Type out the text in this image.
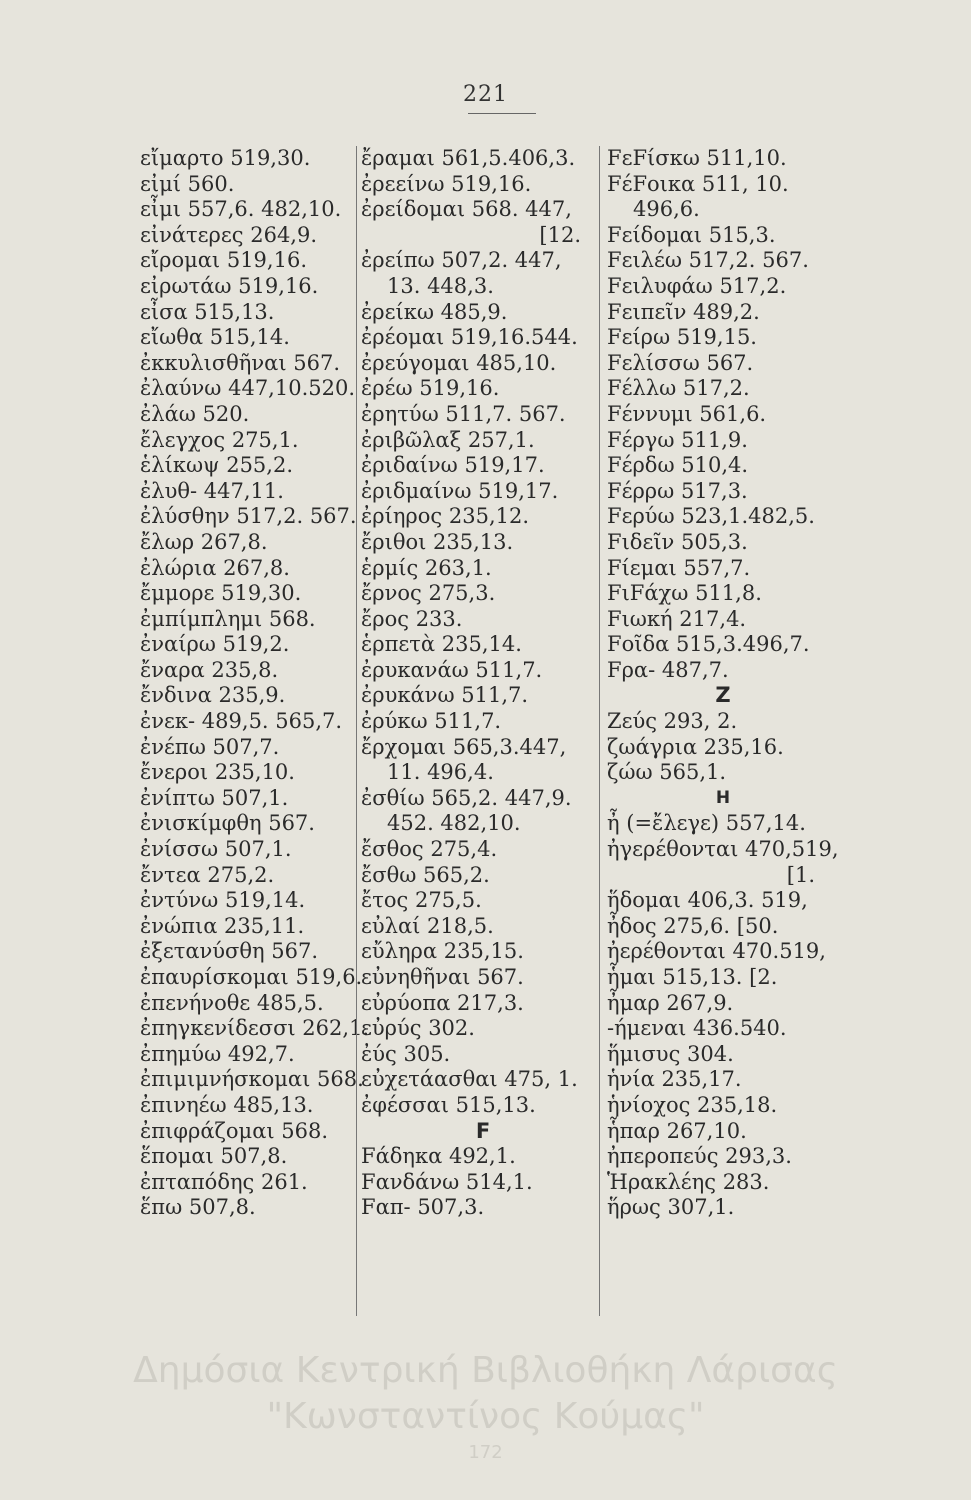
221
εἴμαρτο 519,30.
εἰμί 560.
εἶμι 557,6. 482,10.
εἰνάτερες 264,9.
εἴρομαι 519,16.
εἰρωτάω 519,16.
εἶσα 515,13.
εἴωθα 515,14.
ἐκκυλισθῆναι 567.
ἐλαύνω 447,10.520.
ἐλάω 520.
ἔλεγχος 275,1.
ἑλίκωψ 255,2.
ἐλυθ- 447,11.
ἐλύσθην 517,2. 567.
ἔλωρ 267,8.
ἐλώρια 267,8.
ἔμμορε 519,30.
ἐμπίμπλημι 568.
ἐναίρω 519,2.
ἔναρα 235,8.
ἔνδινα 235,9.
ἐνεκ- 489,5. 565,7.
ἐνέπω 507,7.
ἔνεροι 235,10.
ἐνίπτω 507,1.
ἐνισκίμφθη 567.
ἐνίσσω 507,1.
ἔντεα 275,2.
ἐντύνω 519,14.
ἐνώπια 235,11.
ἐξετανύσθη 567.
ἐπαυρίσκομαι 519,6.
ἐπενήνοθε 485,5.
ἐπηγκενίδεσσι 262,1.
ἐπημύω 492,7.
ἐπιμιμνήσκομαι 568.
ἐπινηέω 485,13.
ἐπιφράζομαι 568.
ἕπομαι 507,8.
ἐπταπόδης 261.
ἕπω 507,8.
ἔραμαι 561,5.406,3.
ἐρεείνω 519,16.
ἐρείδομαι 568. 447,
[12.
ἐρείπω 507,2. 447,
13. 448,3.
ἐρείκω 485,9.
ἐρέομαι 519,16.544.
ἐρεύγομαι 485,10.
ἐρέω 519,16.
ἐρητύω 511,7. 567.
ἐριβῶλαξ 257,1.
ἐριδαίνω 519,17.
ἐριδμαίνω 519,17.
ἐρίηρος 235,12.
ἔριθοι 235,13.
ἑρμίς 263,1.
ἔρνος 275,3.
ἔρος 233.
ἑρπετὰ 235,14.
ἐρυκανάω 511,7.
ἐρυκάνω 511,7.
ἐρύκω 511,7.
ἔρχομαι 565,3.447,
11. 496,4.
ἐσθίω 565,2. 447,9.
452. 482,10.
ἔσθος 275,4.
ἔσθω 565,2.
ἔτος 275,5.
εὐλαί 218,5.
εὔληρα 235,15.
εὐνηθῆναι 567.
εὐρύοπα 217,3.
εὐρύς 302.
ἐύς 305.
εὐχετάασθαι 475, 1.
ἐφέσσαι 515,13.
F
Fάδηκα 492,1.
Fανδάνω 514,1.
Fαπ- 507,3.
FεFίσκω 511,10.
FέFοικα 511, 10.
496,6.
Fείδομαι 515,3.
Fειλέω 517,2. 567.
Fειλυφάω 517,2.
Fειπεῖν 489,2.
Fείρω 519,15.
Fελίσσω 567.
Fέλλω 517,2.
Fέννυμι 561,6.
Fέργω 511,9.
Fέρδω 510,4.
Fέρρω 517,3.
Fερύω 523,1.482,5.
Fιδεῖν 505,3.
Fίεμαι 557,7.
FιFάχω 511,8.
Fιωκή 217,4.
Fοῖδα 515,3.496,7.
Fρα- 487,7.
Z
Ζεύς 293, 2.
ζωάγρια 235,16.
ζώω 565,1.
H
ἦ (=ἔλεγε) 557,14.
ἠγερέθονται 470,519,
[1.
ἥδομαι 406,3. 519,
ἦδος 275,6. [50.
ἠερέθονται 470.519,
ἧμαι 515,13. [2.
ἦμαρ 267,9.
-ήμεναι 436.540.
ἥμισυς 304.
ἡνία 235,17.
ἡνίοχος 235,18.
ἧπαρ 267,10.
ἠπεροπεύς 293,3.
Ἡρακλέης 283.
ἥρως 307,1.
Δημόσια Κεντρική Βιβλιοθήκη Λάρισας
"Κωνσταντίνος Κούμας"
172
